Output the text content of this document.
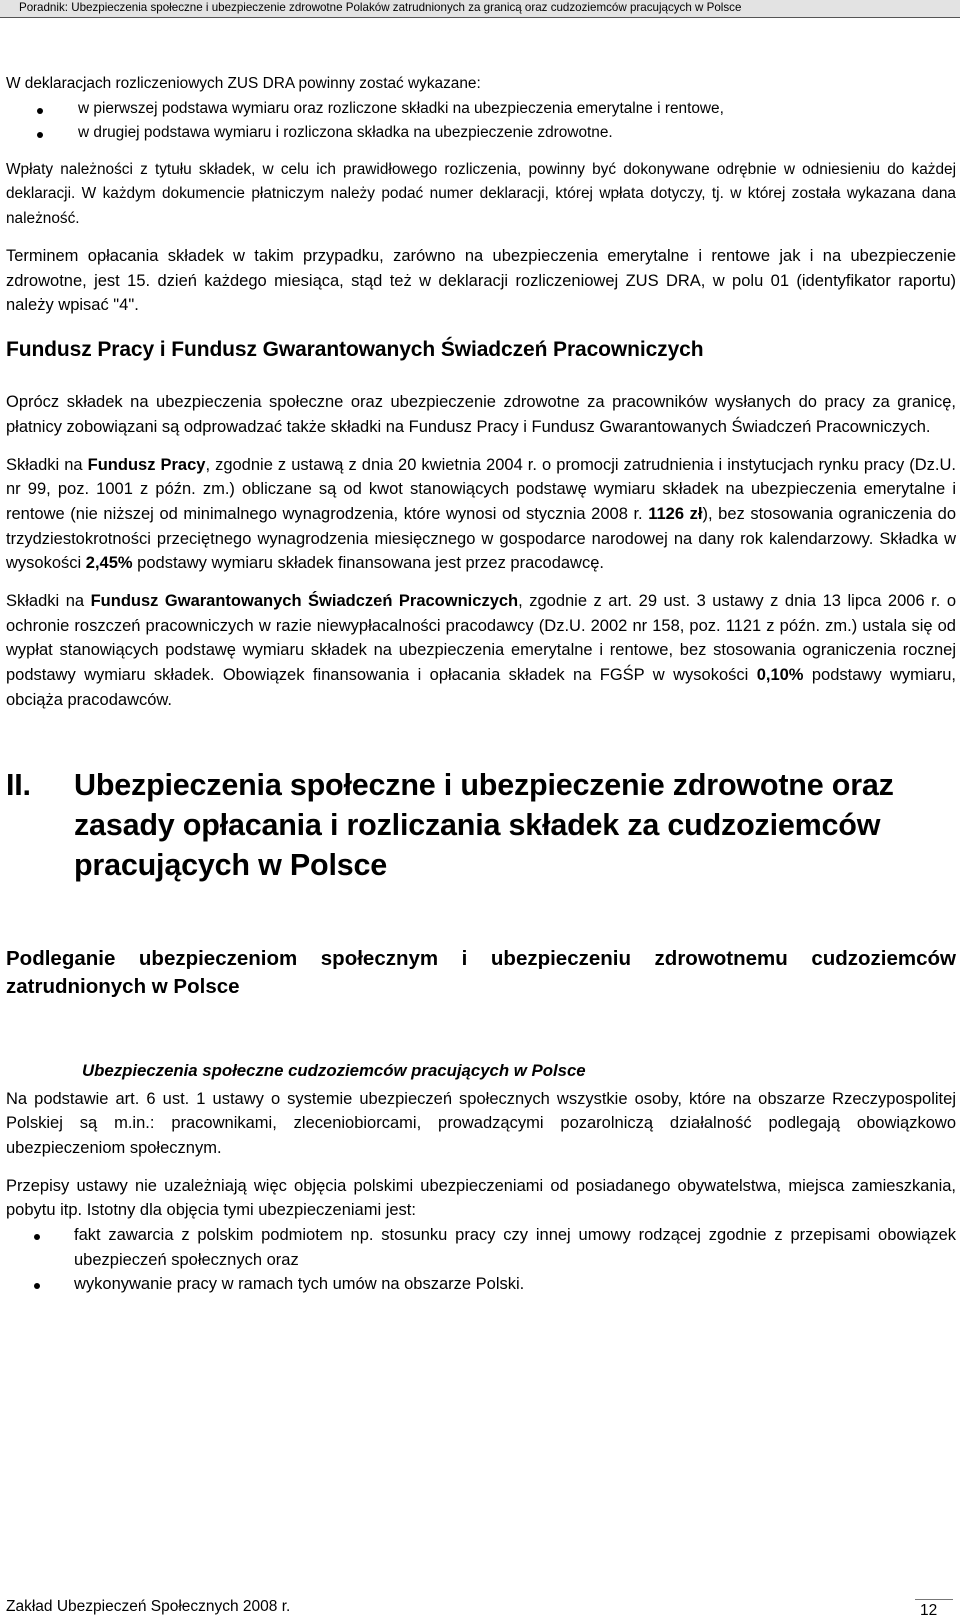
Poradnik: Ubezpieczenia społeczne i ubezpieczenie zdrowotne Polaków zatrudnionych za granicą oraz cudzoziemców pracujących w Polsce

W deklaracjach rozliczeniowych ZUS DRA powinny zostać wykazane:

w pierwszej podstawa wymiaru oraz rozliczone składki na ubezpieczenia emerytalne i rentowe,
w drugiej podstawa wymiaru i rozliczona składka na ubezpieczenie zdrowotne.

Wpłaty należności z tytułu składek, w celu ich prawidłowego rozliczenia, powinny być dokonywane odrębnie w odniesieniu do każdej deklaracji. W każdym dokumencie płatniczym należy podać numer deklaracji, której wpłata dotyczy, tj. w której została wykazana dana należność.

Terminem opłacania składek w takim przypadku, zarówno na ubezpieczenia emerytalne i rentowe jak i na ubezpieczenie zdrowotne, jest 15. dzień każdego miesiąca, stąd też w deklaracji rozliczeniowej ZUS DRA, w polu 01 (identyfikator raportu) należy wpisać "4".

Fundusz Pracy i Fundusz Gwarantowanych Świadczeń Pracowniczych

Oprócz składek na ubezpieczenia społeczne oraz ubezpieczenie zdrowotne za pracowników wysłanych do pracy za granicę, płatnicy zobowiązani są odprowadzać także składki na Fundusz Pracy i Fundusz Gwarantowanych Świadczeń Pracowniczych.

Składki na Fundusz Pracy, zgodnie z ustawą z dnia 20 kwietnia 2004 r. o promocji zatrudnienia i instytucjach rynku pracy (Dz.U. nr 99, poz. 1001 z późn. zm.) obliczane są od kwot stanowiących podstawę wymiaru składek na ubezpieczenia emerytalne i rentowe (nie niższej od minimalnego wynagrodzenia, które wynosi od stycznia 2008 r. 1126 zł), bez stosowania ograniczenia do trzydziestokrotności przeciętnego wynagrodzenia miesięcznego w gospodarce narodowej na dany rok kalendarzowy. Składka w wysokości 2,45% podstawy wymiaru składek finansowana jest przez pracodawcę.

Składki na Fundusz Gwarantowanych Świadczeń Pracowniczych, zgodnie z art. 29 ust. 3 ustawy z dnia 13 lipca 2006 r. o ochronie roszczeń pracowniczych w razie niewypłacalności pracodawcy (Dz.U. 2002 nr 158, poz. 1121 z późn. zm.) ustala się od wypłat stanowiących podstawę wymiaru składek na ubezpieczenia emerytalne i rentowe, bez stosowania ograniczenia rocznej podstawy wymiaru składek. Obowiązek finansowania i opłacania składek na FGŚP w wysokości 0,10% podstawy wymiaru, obciąża pracodawców.

II.	Ubezpieczenia społeczne i ubezpieczenie zdrowotne oraz zasady opłacania i rozliczania składek za cudzoziemców pracujących w Polsce
Podleganie ubezpieczeniom społecznym i ubezpieczeniu zdrowotnemu cudzoziemców zatrudnionych w Polsce
Ubezpieczenia społeczne cudzoziemców pracujących w Polsce

Na podstawie art. 6 ust. 1 ustawy o systemie ubezpieczeń społecznych wszystkie osoby, które na obszarze Rzeczypospolitej Polskiej są m.in.: pracownikami, zleceniobiorcami, prowadzącymi pozarolniczą działalność podlegają obowiązkowo ubezpieczeniom społecznym.

Przepisy ustawy nie uzależniają więc objęcia polskimi ubezpieczeniami od posiadanego obywatelstwa, miejsca zamieszkania, pobytu itp. Istotny dla objęcia tymi ubezpieczeniami jest:

fakt zawarcia z polskim podmiotem np. stosunku pracy czy innej umowy rodzącej zgodnie z przepisami obowiązek ubezpieczeń społecznych oraz
wykonywanie pracy w ramach tych umów na obszarze Polski.
Zakład Ubezpieczeń Społecznych 2008 r.	12
